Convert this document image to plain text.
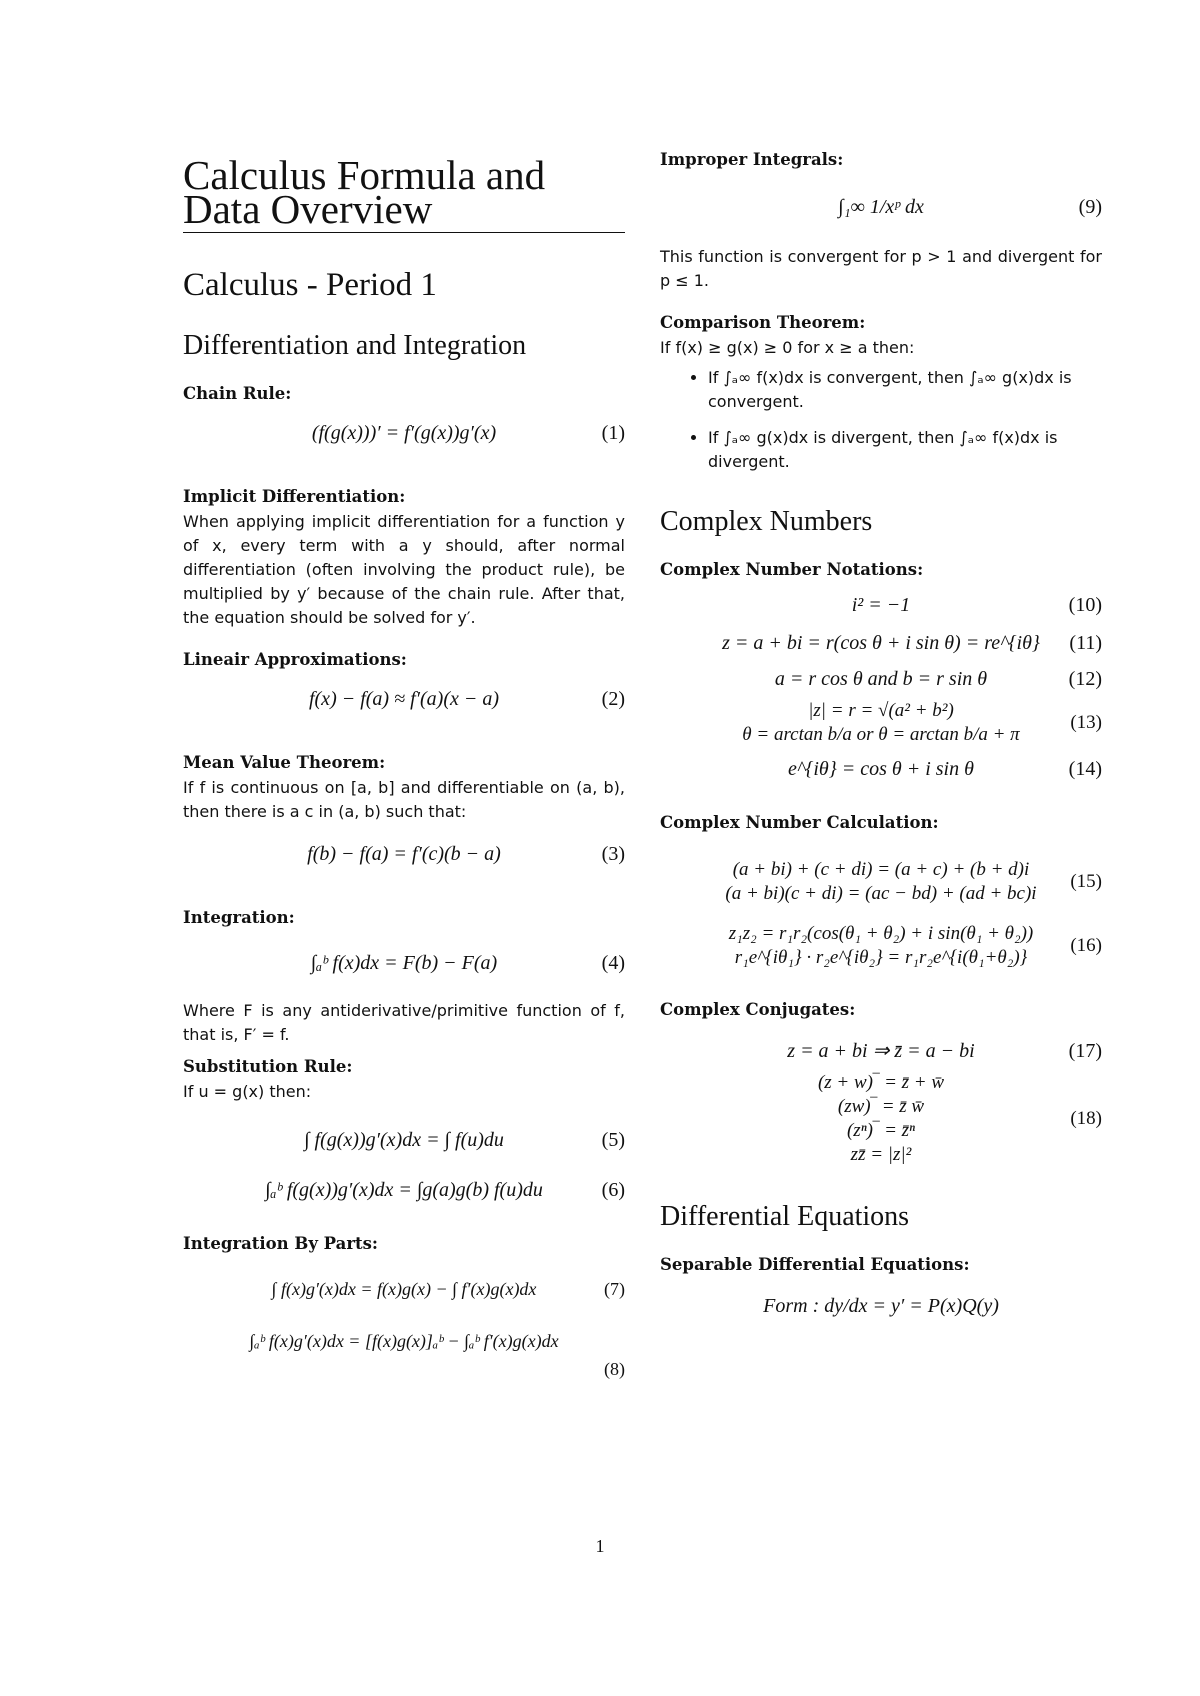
Calculus Formula and Data Overview
Calculus - Period 1
Differentiation and Integration
Chain Rule:
(f(g(x)))′ = f′(g(x))g′(x)	(1)
Implicit Differentiation:

When applying implicit differentiation for a function y of x, every term with a y should, after normal differentiation (often involving the product rule), be multiplied by y′ because of the chain rule. After that, the equation should be solved for y′.

Lineair Approximations:
f(x) − f(a) ≈ f′(a)(x − a)	(2)
Mean Value Theorem:

If f is continuous on [a, b] and differentiable on (a, b), then there is a c in (a, b) such that:

f(b) − f(a) = f′(c)(b − a)	(3)
Integration:
∫ₐᵇ f(x)dx = F(b) − F(a)	(4)

Where F is any antiderivative/primitive function of f, that is, F′ = f.

Substitution Rule:

If u = g(x) then:

∫ f(g(x))g′(x)dx = ∫ f(u)du	(5)
∫ₐᵇ f(g(x))g′(x)dx = ∫g(a)g(b) f(u)du	(6)
Integration By Parts:
∫ f(x)g′(x)dx = f(x)g(x) − ∫ f′(x)g(x)dx	(7)
∫ₐᵇ f(x)g′(x)dx = [f(x)g(x)]ₐᵇ − ∫ₐᵇ f′(x)g(x)dx
(8)
Improper Integrals:
∫₁∞ 1/xᵖ dx	(9)

This function is convergent for p > 1 and divergent for p ≤ 1.

Comparison Theorem:

If f(x) ≥ g(x) ≥ 0 for x ≥ a then:

• If ∫ₐ∞ f(x)dx is convergent, then ∫ₐ∞ g(x)dx is convergent.
• If ∫ₐ∞ g(x)dx is divergent, then ∫ₐ∞ f(x)dx is divergent.
Complex Numbers
Complex Number Notations:
i² = −1	(10)
z = a + bi = r(cos θ + i sin θ) = re^{iθ} (11)
a = r cos θ and b = r sin θ	(12)
|z| = r = √(a² + b²)
θ = arctan b/a or θ = arctan b/a + π
(13)
e^{iθ} = cos θ + i sin θ	(14)
Complex Number Calculation:
(a + bi) + (c + di) = (a + c) + (b + d)i
(a + bi)(c + di) = (ac − bd) + (ad + bc)i
(15)
z₁z₂ = r₁r₂(cos(θ₁ + θ₂) + i sin(θ₁ + θ₂))
r₁e^{iθ₁} · r₂e^{iθ₂} = r₁r₂e^{i(θ₁+θ₂)}
(16)
Complex Conjugates:
z = a + bi ⇒ z̄ = a − bi	(17)
(z + w)‾ = z̄ + w̄
(zw)‾ = z̄ w̄
(zⁿ)‾ = z̄ⁿ
zz̄ = |z|²
(18)
Differential Equations
Separable Differential Equations:
Form : dy/dx = y′ = P(x)Q(y)
1
